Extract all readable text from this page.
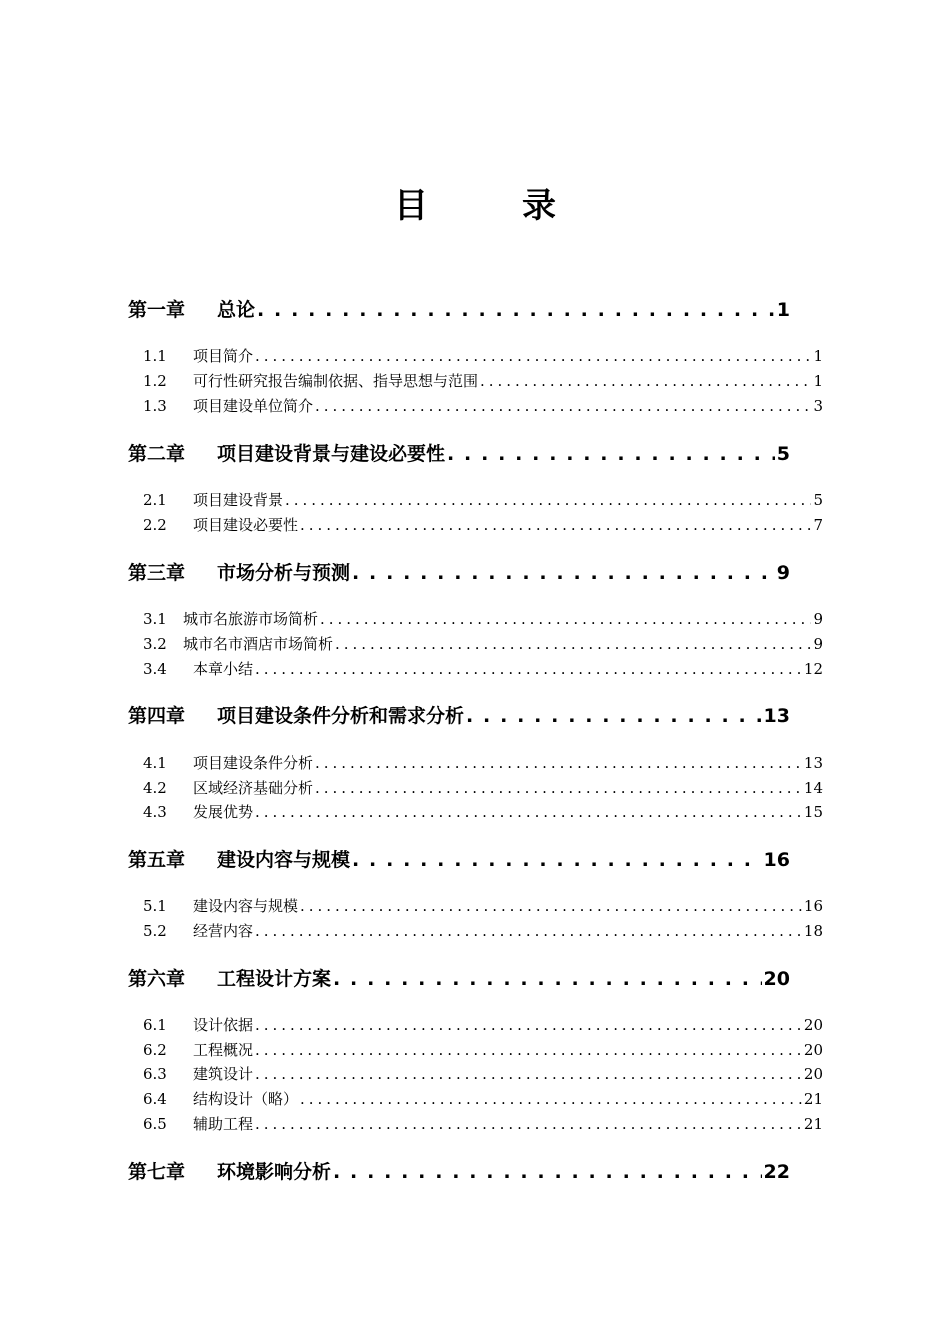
目　录
第一章	总论 . . .	1
1.1	项目简介 . . .	1
1.2	可行性研究报告编制依据、指导思想与范围 . . .	1
1.3	项目建设单位简介 . . .	3
第二章	项目建设背景与建设必要性 . . .	5
2.1	项目建设背景 . . .	5
2.2	项目建设必要性 . . .	7
第三章	市场分析与预测 . . .	9
3.1	城市名旅游市场简析 . . .	9
3.2	城市名市酒店市场简析 . . .	9
3.4	本章小结 . . .	12
第四章	项目建设条件分析和需求分析 . . .	13
4.1	项目建设条件分析 . . .	13
4.2	区域经济基础分析 . . .	14
4.3	发展优势 . . .	15
第五章	建设内容与规模 . . .	16
5.1	建设内容与规模 . . .	16
5.2	经营内容 . . .	18
第六章	工程设计方案 . . .	20
6.1	设计依据 . . .	20
6.2	工程概况 . . .	20
6.3	建筑设计 . . .	20
6.4	结构设计（略） . . .	21
6.5	辅助工程 . . .	21
第七章	环境影响分析 . . .	22
